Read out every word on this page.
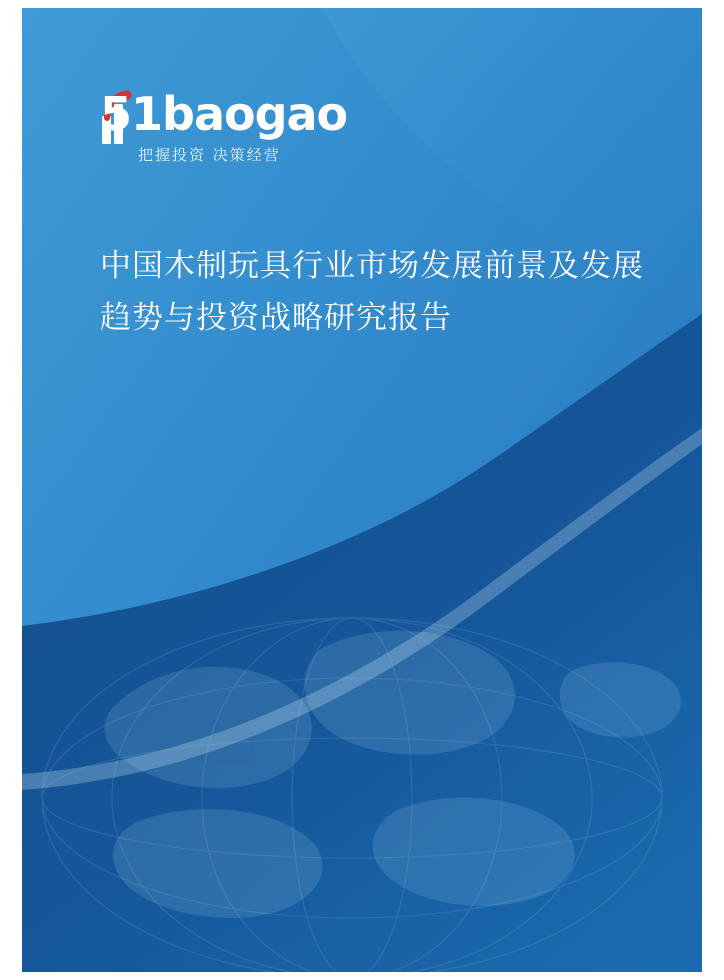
51baogao
把握投资 决策经营
中国木制玩具行业市场发展前景及发展趋势与投资战略研究报告
